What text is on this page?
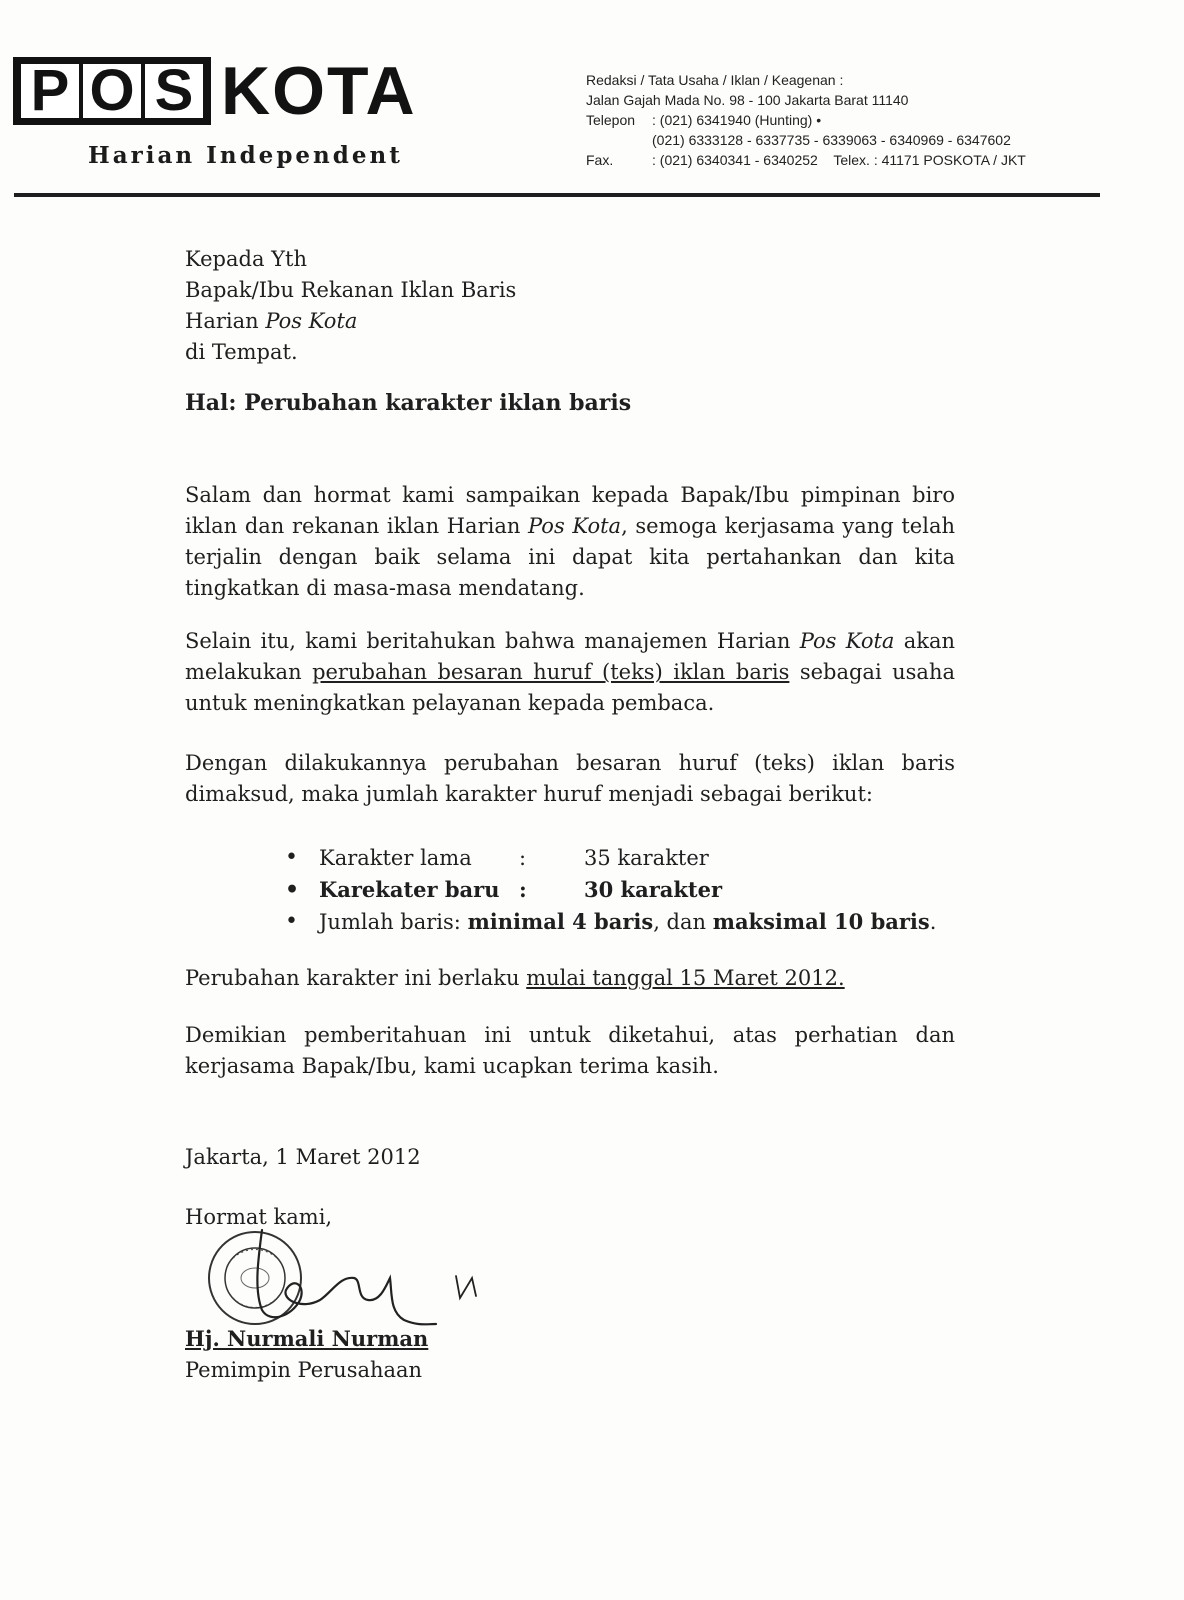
P O S KOTA
Harian Independent
Redaksi / Tata Usaha / Iklan / Keagenan :
Jalan Gajah Mada No. 98 - 100 Jakarta Barat 11140
Telepon : (021) 6341940 (Hunting) •
(021) 6333128 - 6337735 - 6339063 - 6340969 - 6347602
Fax.	: (021) 6340341 - 6340252 Telex. : 41171 POSKOTA / JKT
Kepada Yth
Bapak/Ibu Rekanan Iklan Baris
Harian Pos Kota
di Tempat.
Hal: Perubahan karakter iklan baris
Salam dan hormat kami sampaikan kepada Bapak/Ibu pimpinan biro iklan dan rekanan iklan Harian Pos Kota, semoga kerjasama yang telah terjalin dengan baik selama ini dapat kita pertahankan dan kita tingkatkan di masa-masa mendatang.
Selain itu, kami beritahukan bahwa manajemen Harian Pos Kota akan melakukan perubahan besaran huruf (teks) iklan baris sebagai usaha untuk meningkatkan pelayanan kepada pembaca.
Dengan dilakukannya perubahan besaran huruf (teks) iklan baris dimaksud, maka jumlah karakter huruf menjadi sebagai berikut:
•	Karakter lama	:	35 karakter
• Karekater baru :	30 karakter
•	Jumlah baris:
minimal 4 baris , dan
maksimal 10 baris .
Perubahan karakter ini berlaku mulai tanggal 15 Maret 2012.
Demikian pemberitahuan ini untuk diketahui, atas perhatian dan kerjasama Bapak/Ibu, kami ucapkan terima kasih.
Jakarta, 1 Maret 2012
Hormat kami,
Hj. Nurmali Nurman
Pemimpin Perusahaan
